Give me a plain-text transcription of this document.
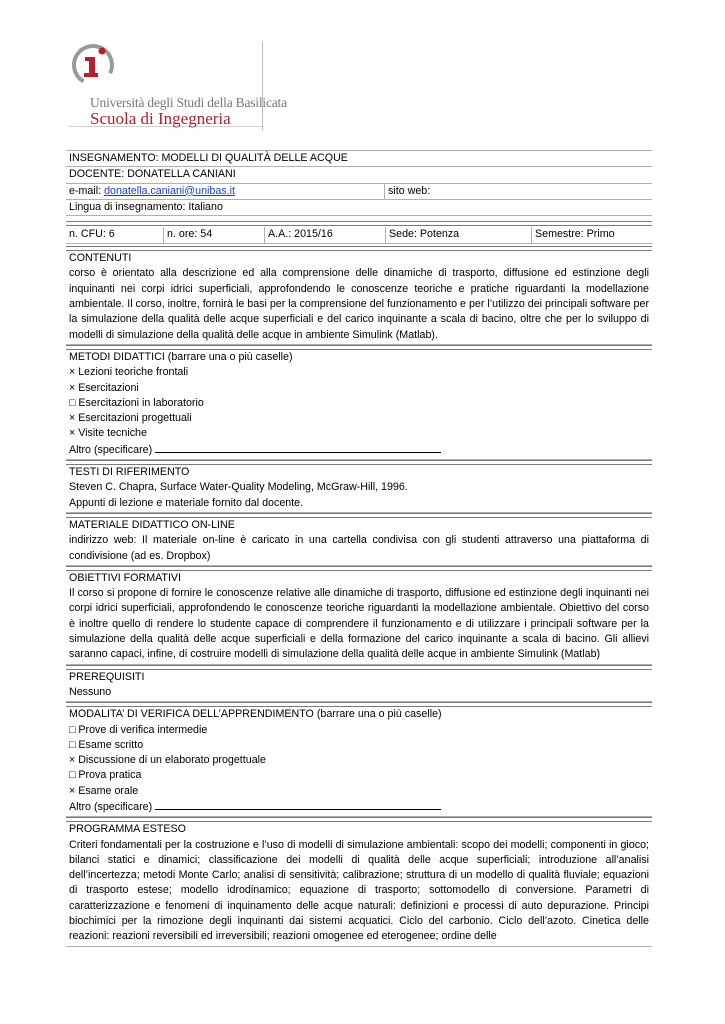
Università degli Studi della Basilicata
Scuola di Ingegneria
INSEGNAMENTO: MODELLI DI QUALITÀ DELLE ACQUE
DOCENTE: DONATELLA CANIANI
e-mail: donatella.caniani@unibas.it	sito web:
Lingua di insegnamento: Italiano
n. CFU: 6	n. ore: 54	A.A.: 2015/16	Sede: Potenza	Semestre: Primo
CONTENUTI
corso è orientato alla descrizione ed alla comprensione delle dinamiche di trasporto, diffusione ed estinzione degli inquinanti nei corpi idrici superficiali, approfondendo le conoscenze teoriche e pratiche riguardanti la modellazione ambientale. Il corso, inoltre, fornirà le basi per la comprensione del funzionamento e per l’utilizzo dei principali software per la simulazione della qualità delle acque superficiali e del carico inquinante a scala di bacino, oltre che per lo sviluppo di modelli di simulazione della qualità delle acque in ambiente Simulink (Matlab).
METODI DIDATTICI (barrare una o più caselle)
× Lezioni teoriche frontali
× Esercitazioni
□ Esercitazioni in laboratorio
× Esercitazioni progettuali
× Visite tecniche
Altro (specificare)
TESTI DI RIFERIMENTO
Steven C. Chapra, Surface Water-Quality Modeling, McGraw-Hill, 1996.
Appunti di lezione e materiale fornito dal docente.
MATERIALE DIDATTICO ON-LINE
indirizzo web: Il materiale on-line è caricato in una cartella condivisa con gli studenti attraverso una piattaforma di condivisione (ad es. Dropbox)
OBIETTIVI FORMATIVI
Il corso si propone di fornire le conoscenze relative alle dinamiche di trasporto, diffusione ed estinzione degli inquinanti nei corpi idrici superficiali, approfondendo le conoscenze teoriche riguardanti la modellazione ambientale. Obiettivo del corso è inoltre quello di rendere lo studente capace di comprendere il funzionamento e di utilizzare i principali software per la simulazione della qualità delle acque superficiali e della formazione del carico inquinante a scala di bacino. Gli allievi saranno capaci, infine, di costruire modelli di simulazione della qualità delle acque in ambiente Simulink (Matlab)
PREREQUISITI
Nessuno
MODALITA’ DI VERIFICA DELL’APPRENDIMENTO (barrare una o più caselle)
□ Prove di verifica intermedie
□ Esame scritto
× Discussione di un elaborato progettuale
□ Prova pratica
× Esame orale
Altro (specificare)
PROGRAMMA ESTESO
Criteri fondamentali per la costruzione e l’uso di modelli di simulazione ambientali: scopo dei modelli; componenti in gioco; bilanci statici e dinamici; classificazione dei modelli di qualità delle acque superficiali; introduzione all’analisi dell’incertezza; metodi Monte Carlo; analisi di sensitività; calibrazione; struttura di un modello di qualità fluviale; equazioni di trasporto estese; modello idrodinamico; equazione di trasporto; sottomodello di conversione. Parametri di caratterizzazione e fenomeni di inquinamento delle acque naturali: definizioni e processi di auto depurazione. Principi biochimici per la rimozione degli inquinanti dai sistemi acquatici. Ciclo del carbonio. Ciclo dell’azoto. Cinetica delle reazioni: reazioni reversibili ed irreversibili; reazioni omogenee ed eterogenee; ordine delle
